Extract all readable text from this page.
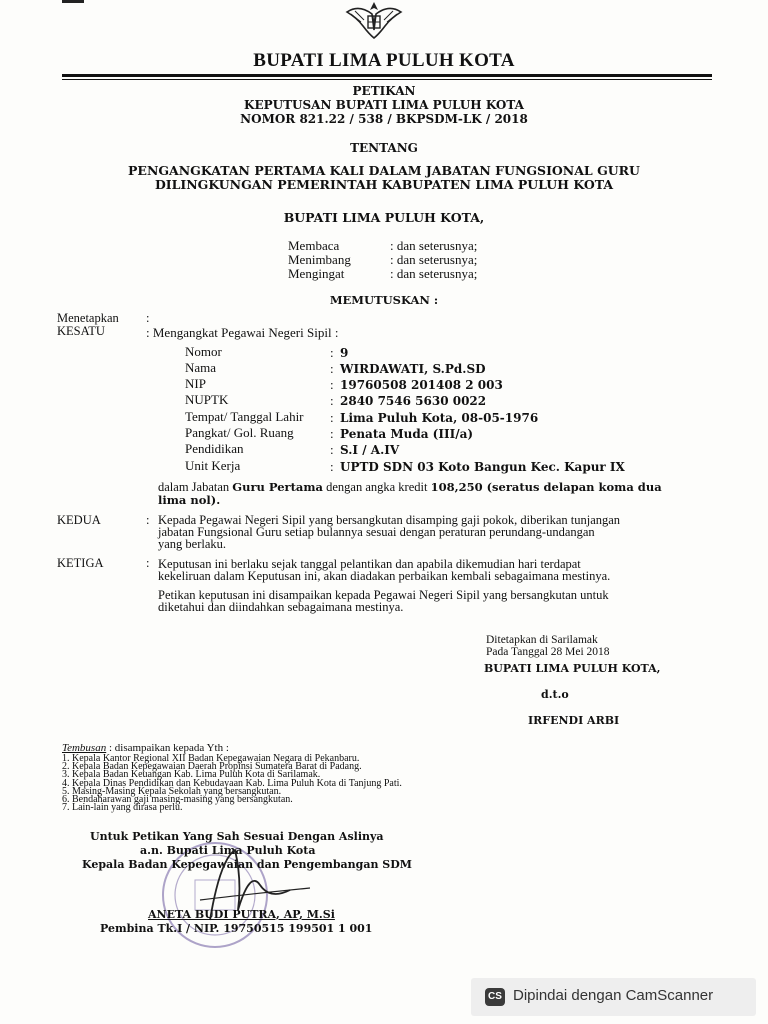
BUPATI LIMA PULUH KOTA
PETIKAN
KEPUTUSAN BUPATI LIMA PULUH KOTA
NOMOR 821.22 / 538 / BKPSDM-LK / 2018
TENTANG
PENGANGKATAN PERTAMA KALI DALAM JABATAN FUNGSIONAL GURU
DILINGKUNGAN PEMERINTAH KABUPATEN LIMA PULUH KOTA
BUPATI LIMA PULUH KOTA,
Membaca	: dan seterusnya;
Menimbang	: dan seterusnya;
Mengingat	: dan seterusnya;
MEMUTUSKAN :
Menetapkan :
KESATU	: Mengangkat Pegawai Negeri Sipil :
Nomor	: 9
Nama	: WIRDAWATI, S.Pd.SD
NIP	: 19760508 201408 2 003
NUPTK	: 2840 7546 5630 0022
Tempat/ Tanggal Lahir : Lima Puluh Kota, 08-05-1976
Pangkat/ Gol. Ruang	: Penata Muda (III/a)
Pendidikan	: S.I / A.IV
Unit Kerja	: UPTD SDN 03 Koto Bangun Kec. Kapur IX
dalam Jabatan Guru Pertama dengan angka kredit 108,250 (seratus delapan koma dua
lima nol).
KEDUA	: Kepada Pegawai Negeri Sipil yang bersangkutan disamping gaji pokok, diberikan tunjangan
jabatan Fungsional Guru setiap bulannya sesuai dengan peraturan perundang-undangan
yang berlaku.
KETIGA	: Keputusan ini berlaku sejak tanggal pelantikan dan apabila dikemudian hari terdapat
kekeliruan dalam Keputusan ini, akan diadakan perbaikan kembali sebagaimana mestinya.
Petikan keputusan ini disampaikan kepada Pegawai Negeri Sipil yang bersangkutan untuk
diketahui dan diindahkan sebagaimana mestinya.
Ditetapkan di Sarilamak
Pada Tanggal 28 Mei 2018
BUPATI LIMA PULUH KOTA,
d.t.o
IRFENDI ARBI
Tembusan : disampaikan kepada Yth :
1. Kepala Kantor Regional XII Badan Kepegawaian Negara di Pekanbaru.
2. Kepala Badan Kepegawaian Daerah Propinsi Sumatera Barat di Padang.
3. Kepala Badan Keuangan Kab. Lima Puluh Kota di Sarilamak.
4. Kepala Dinas Pendidikan dan Kebudayaan Kab. Lima Puluh Kota di Tanjung Pati.
5. Masing-Masing Kepala Sekolah yang bersangkutan.
6. Bendaharawan gaji masing-masing yang bersangkutan.
7. Lain-lain yang dirasa perlu.
Untuk Petikan Yang Sah Sesuai Dengan Aslinya
a.n. Bupati Lima Puluh Kota
Kepala Badan Kepegawaian dan Pengembangan SDM
ANETA BUDI PUTRA, AP, M.Si
Pembina Tk.I / NIP. 19750515 199501 1 001
CS Dipindai dengan CamScanner
